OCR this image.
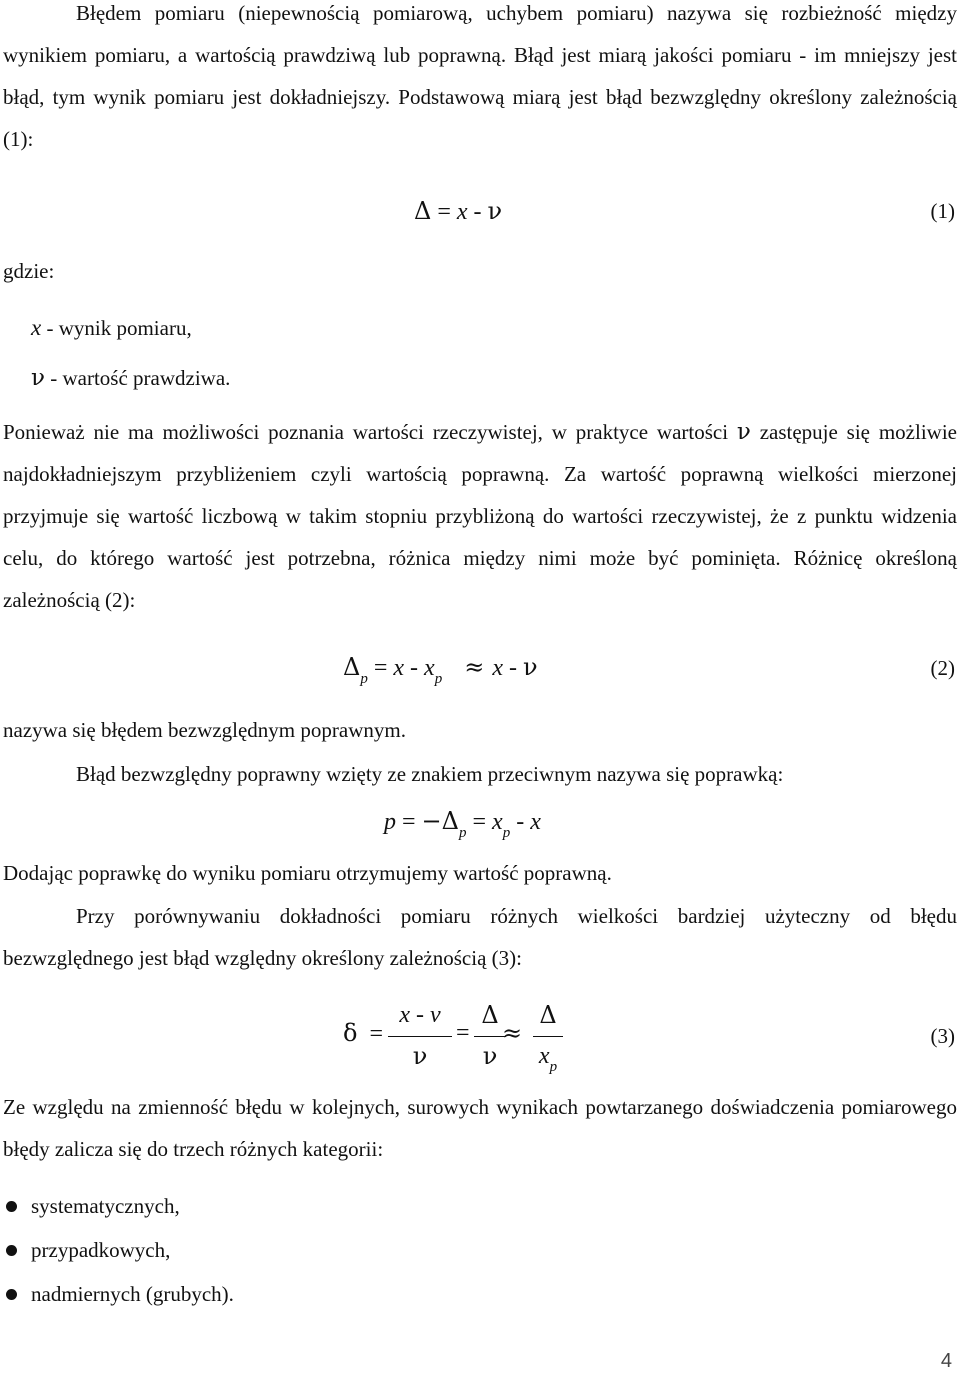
Błędem pomiaru (niepewnością pomiarową, uchybem pomiaru) nazywa się rozbieżność między wynikiem pomiaru, a wartością prawdziwą lub poprawną. Błąd jest miarą jakości pomiaru - im mniejszy jest błąd, tym wynik pomiaru jest dokładniejszy. Podstawową miarą jest błąd bezwzględny określony zależnością (1):

Δ = x - ν	(1)
gdzie:
x - wynik pomiaru,
ν - wartość prawdziwa.

Ponieważ nie ma możliwości poznania wartości rzeczywistej, w praktyce wartości ν zastępuje się możliwie najdokładniejszym przybliżeniem czyli wartością poprawną. Za wartość poprawną wielkości mierzonej przyjmuje się wartość liczbową w takim stopniu przybliżoną do wartości rzeczywistej, że z punktu widzenia celu, do którego wartość jest potrzebna, różnica między nimi może być pominięta. Różnicę określoną zależnością (2):

$\Delta_p = x - x_p \approx x - \nu$	(2)
nazywa się błędem bezwzględnym poprawnym.
Błąd bezwzględny poprawny wzięty ze znakiem przeciwnym nazywa się poprawką:
$p = -\Delta_p = x_p - x$
Dodając poprawkę do wyniku pomiaru otrzymujemy wartość poprawną.

Przy porównywaniu dokładności pomiaru różnych wielkości bardziej użyteczny od błędu bezwzględnego jest błąd względny określony zależnością (3):

δ =
x - ν
ν
=
Δ
ν
≈
Δ
$x_p$
(3)

Ze względu na zmienność błędu w kolejnych, surowych wynikach powtarzanego doświadczenia pomiarowego błędy zalicza się do trzech różnych kategorii:

systematycznych,
przypadkowych,
nadmiernych (grubych).
4
